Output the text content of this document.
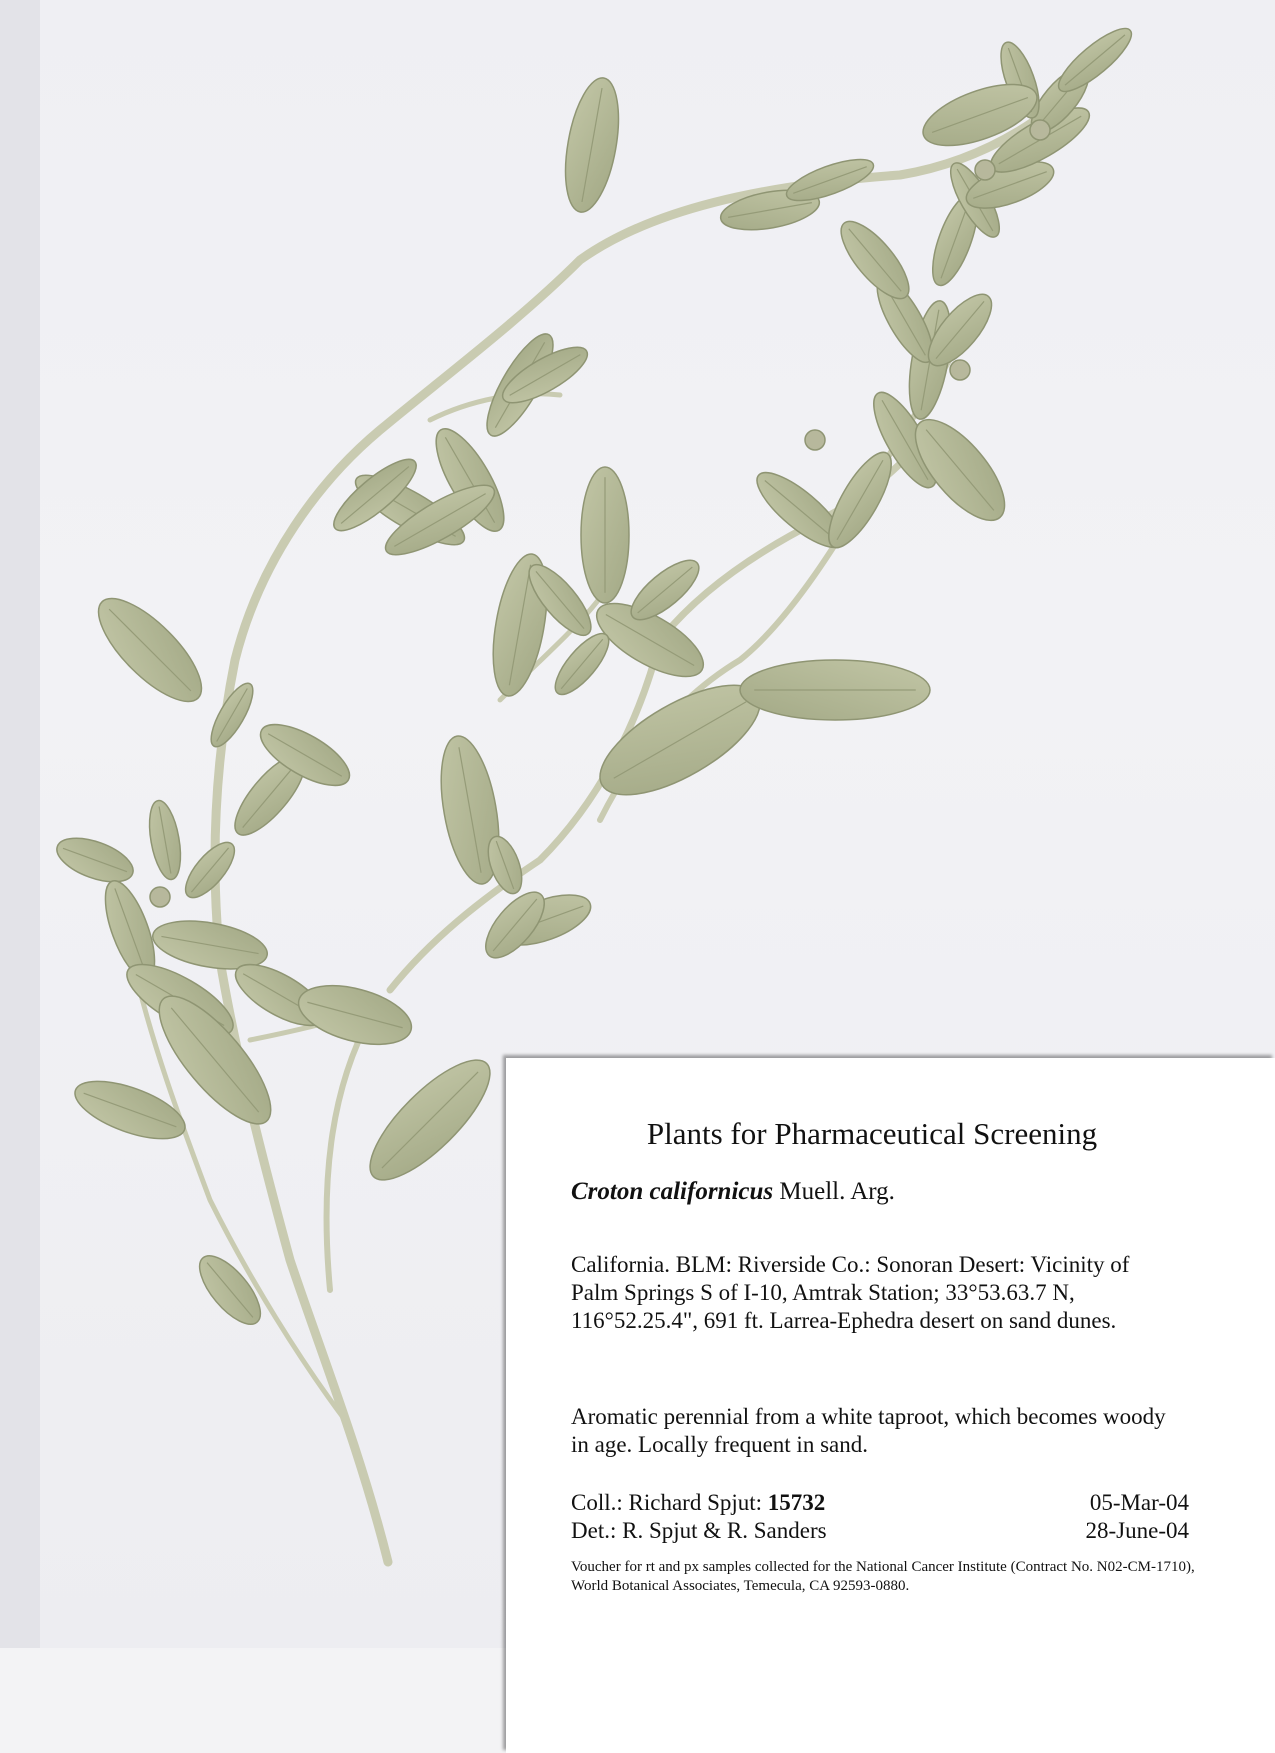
Plants for Pharmaceutical Screening
Croton californicus Muell. Arg.
California. BLM: Riverside Co.: Sonoran Desert: Vicinity of
Palm Springs S of I-10, Amtrak Station; 33°53.63.7 N,
116°52.25.4", 691 ft. Larrea-Ephedra desert on sand dunes.
Aromatic perennial from a white taproot, which becomes woody
in age. Locally frequent in sand.
Coll.: Richard Spjut: 15732	05-Mar-04
Det.: R. Spjut & R. Sanders	28-June-04
Voucher for rt and px samples collected for the National Cancer Institute (Contract No. N02-CM-1710),
World Botanical Associates, Temecula, CA 92593-0880.
